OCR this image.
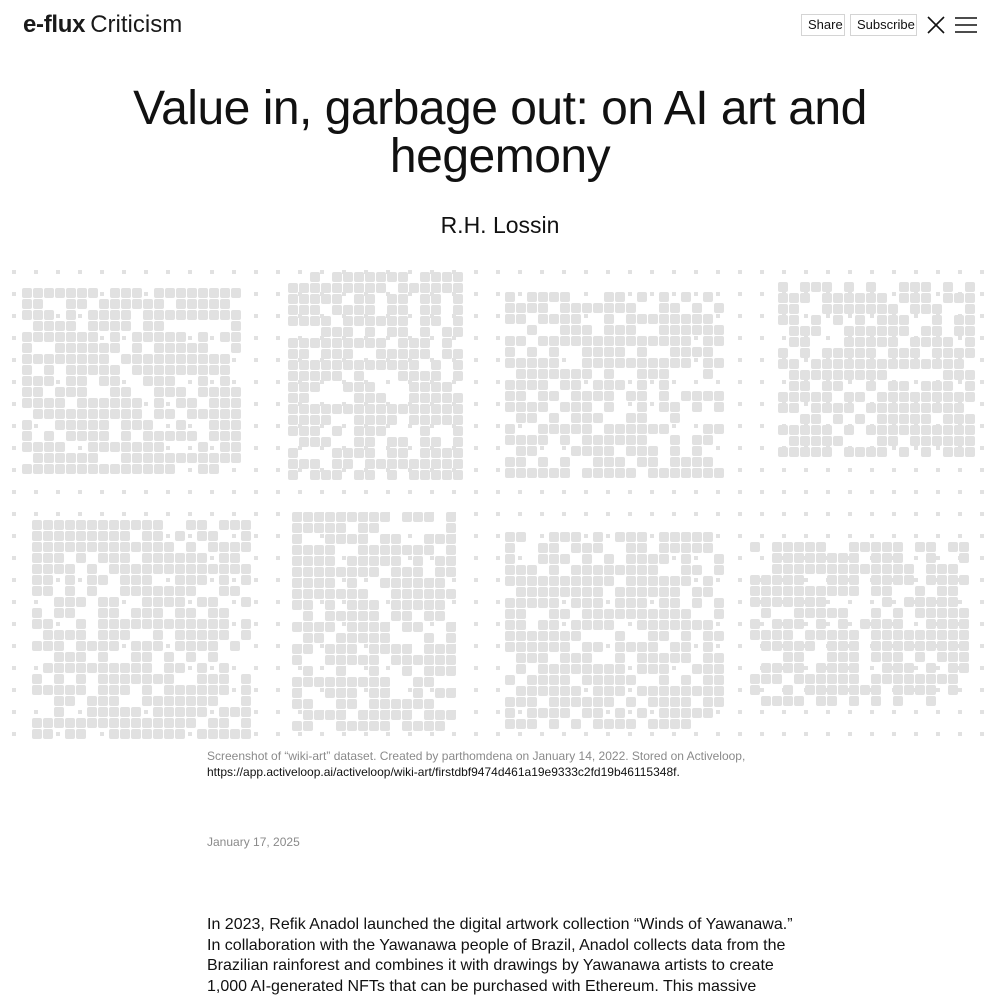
e-flux Criticism	Share	Subscribe
Value in, garbage out: on AI art and hegemony
R.H. Lossin
Screenshot of “wiki-art” dataset. Created by parthomdena on January 14, 2022. Stored on Activeloop,
https://app.activeloop.ai/activeloop/wiki-art/firstdbf9474d461a19e9333c2fd19b46115348f.
January 17, 2025

In 2023, Refik Anadol launched the digital artwork collection “Winds of Yawanawa.” In collaboration with the Yawanawa people of Brazil, Anadol collects data from the Brazilian rainforest and combines it with drawings by Yawanawa artists to create 1,000 AI-generated NFTs that can be purchased with Ethereum. This massive
